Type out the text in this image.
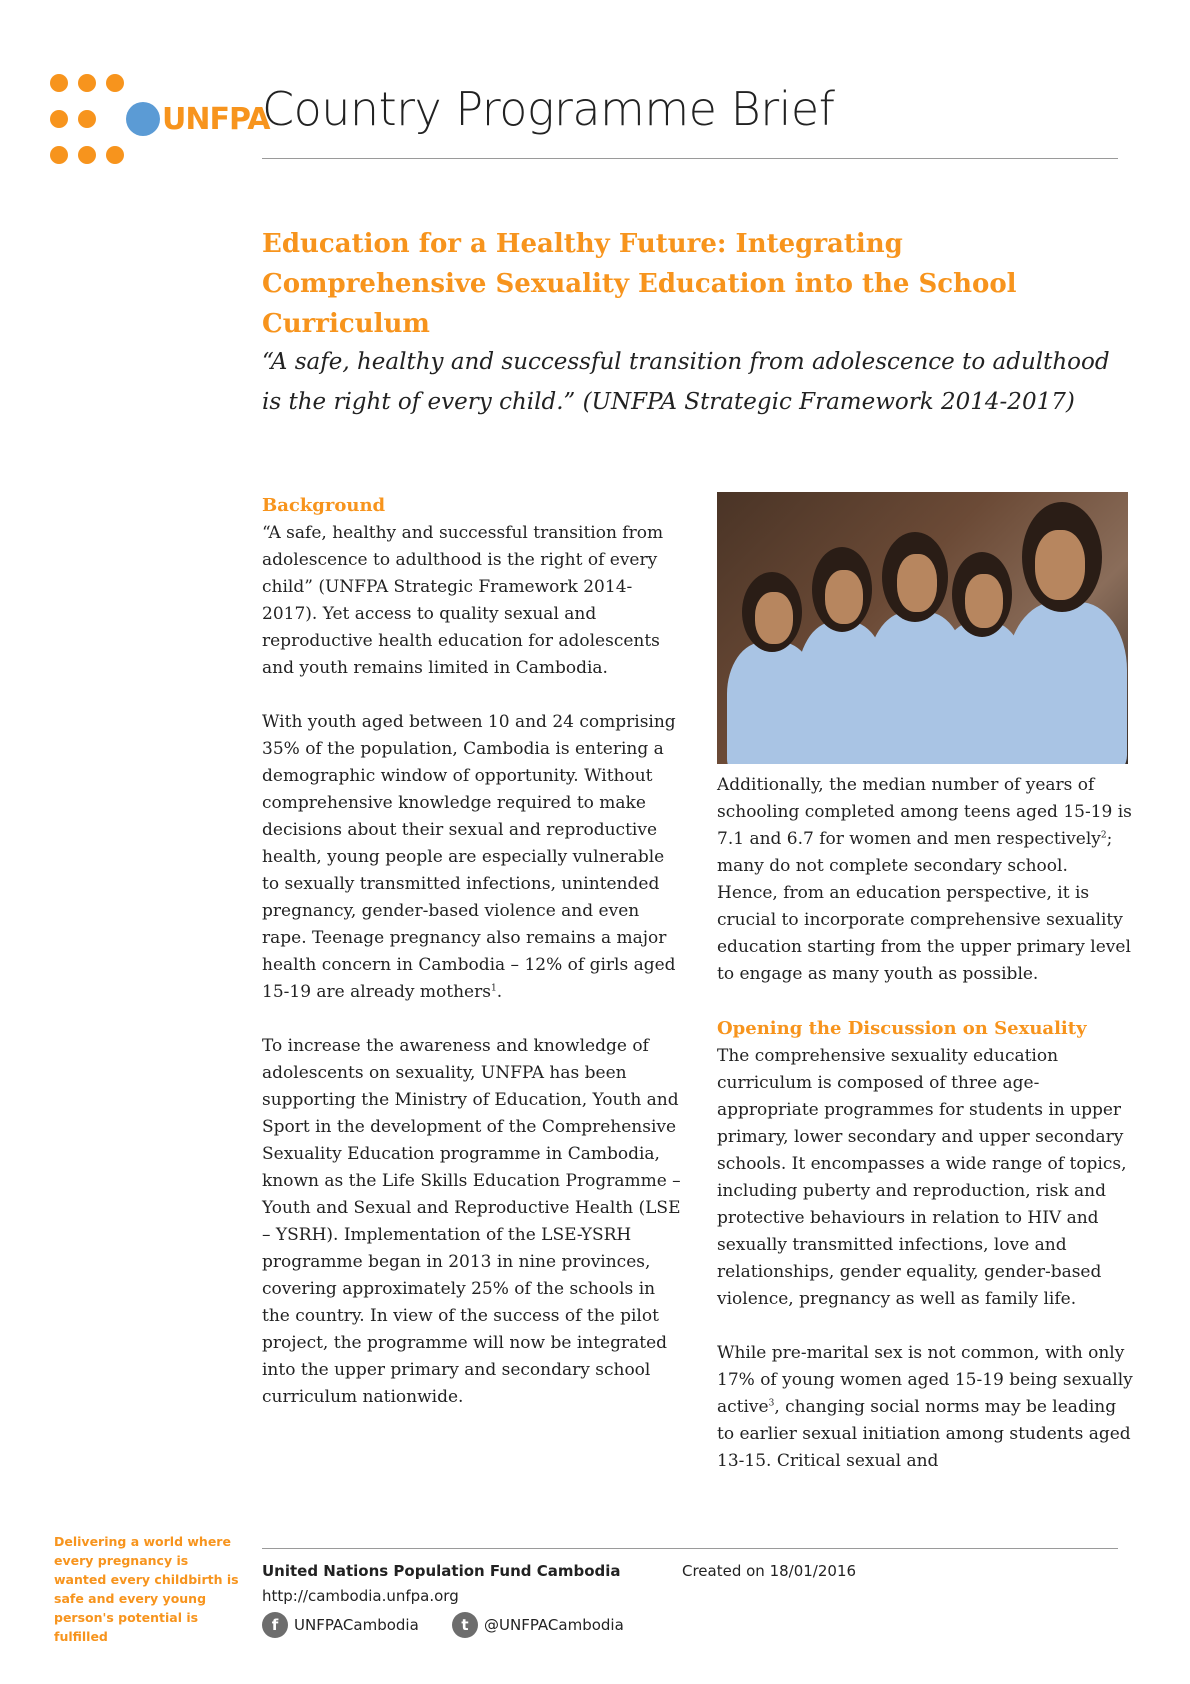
UNFPA
Country Programme Brief
Education for a Healthy Future: Integrating Comprehensive Sexuality Education into the School Curriculum
“A safe, healthy and successful transition from adolescence to adulthood is the right of every child.” (UNFPA Strategic Framework 2014-2017)
Background

“A safe, healthy and successful transition from adolescence to adulthood is the right of every child” (UNFPA Strategic Framework 2014-2017). Yet access to quality sexual and reproductive health education for adolescents and youth remains limited in Cambodia.

With youth aged between 10 and 24 comprising 35% of the population, Cambodia is entering a demographic window of opportunity. Without comprehensive knowledge required to make decisions about their sexual and reproductive health, young people are especially vulnerable to sexually transmitted infections, unintended pregnancy, gender-based violence and even rape. Teenage pregnancy also remains a major health concern in Cambodia – 12% of girls aged 15-19 are already mothers$^1$.

To increase the awareness and knowledge of adolescents on sexuality, UNFPA has been supporting the Ministry of Education, Youth and Sport in the development of the Comprehensive Sexuality Education programme in Cambodia, known as the Life Skills Education Programme – Youth and Sexual and Reproductive Health (LSE – YSRH). Implementation of the LSE-YSRH programme began in 2013 in nine provinces, covering approximately 25% of the schools in the country. In view of the success of the pilot project, the programme will now be integrated into the upper primary and secondary school curriculum nationwide.

Additionally, the median number of years of schooling completed among teens aged 15-19 is 7.1 and 6.7 for women and men respectively$^2$; many do not complete secondary school. Hence, from an education perspective, it is crucial to incorporate comprehensive sexuality education starting from the upper primary level to engage as many youth as possible.

Opening the Discussion on Sexuality

The comprehensive sexuality education curriculum is composed of three age-appropriate programmes for students in upper primary, lower secondary and upper secondary schools. It encompasses a wide range of topics, including puberty and reproduction, risk and protective behaviours in relation to HIV and sexually transmitted infections, love and relationships, gender equality, gender-based violence, pregnancy as well as family life.

While pre-marital sex is not common, with only 17% of young women aged 15-19 being sexually active$^3$, changing social norms may be leading to earlier sexual initiation among students aged 13-15. Critical sexual and

Delivering a world where every pregnancy is wanted every childbirth is safe and every young person's potential is fulfilled
United Nations Population Fund Cambodia
http://cambodia.unfpa.org
Created on 18/01/2016
f	UNFPACambodia	t	@UNFPACambodia
